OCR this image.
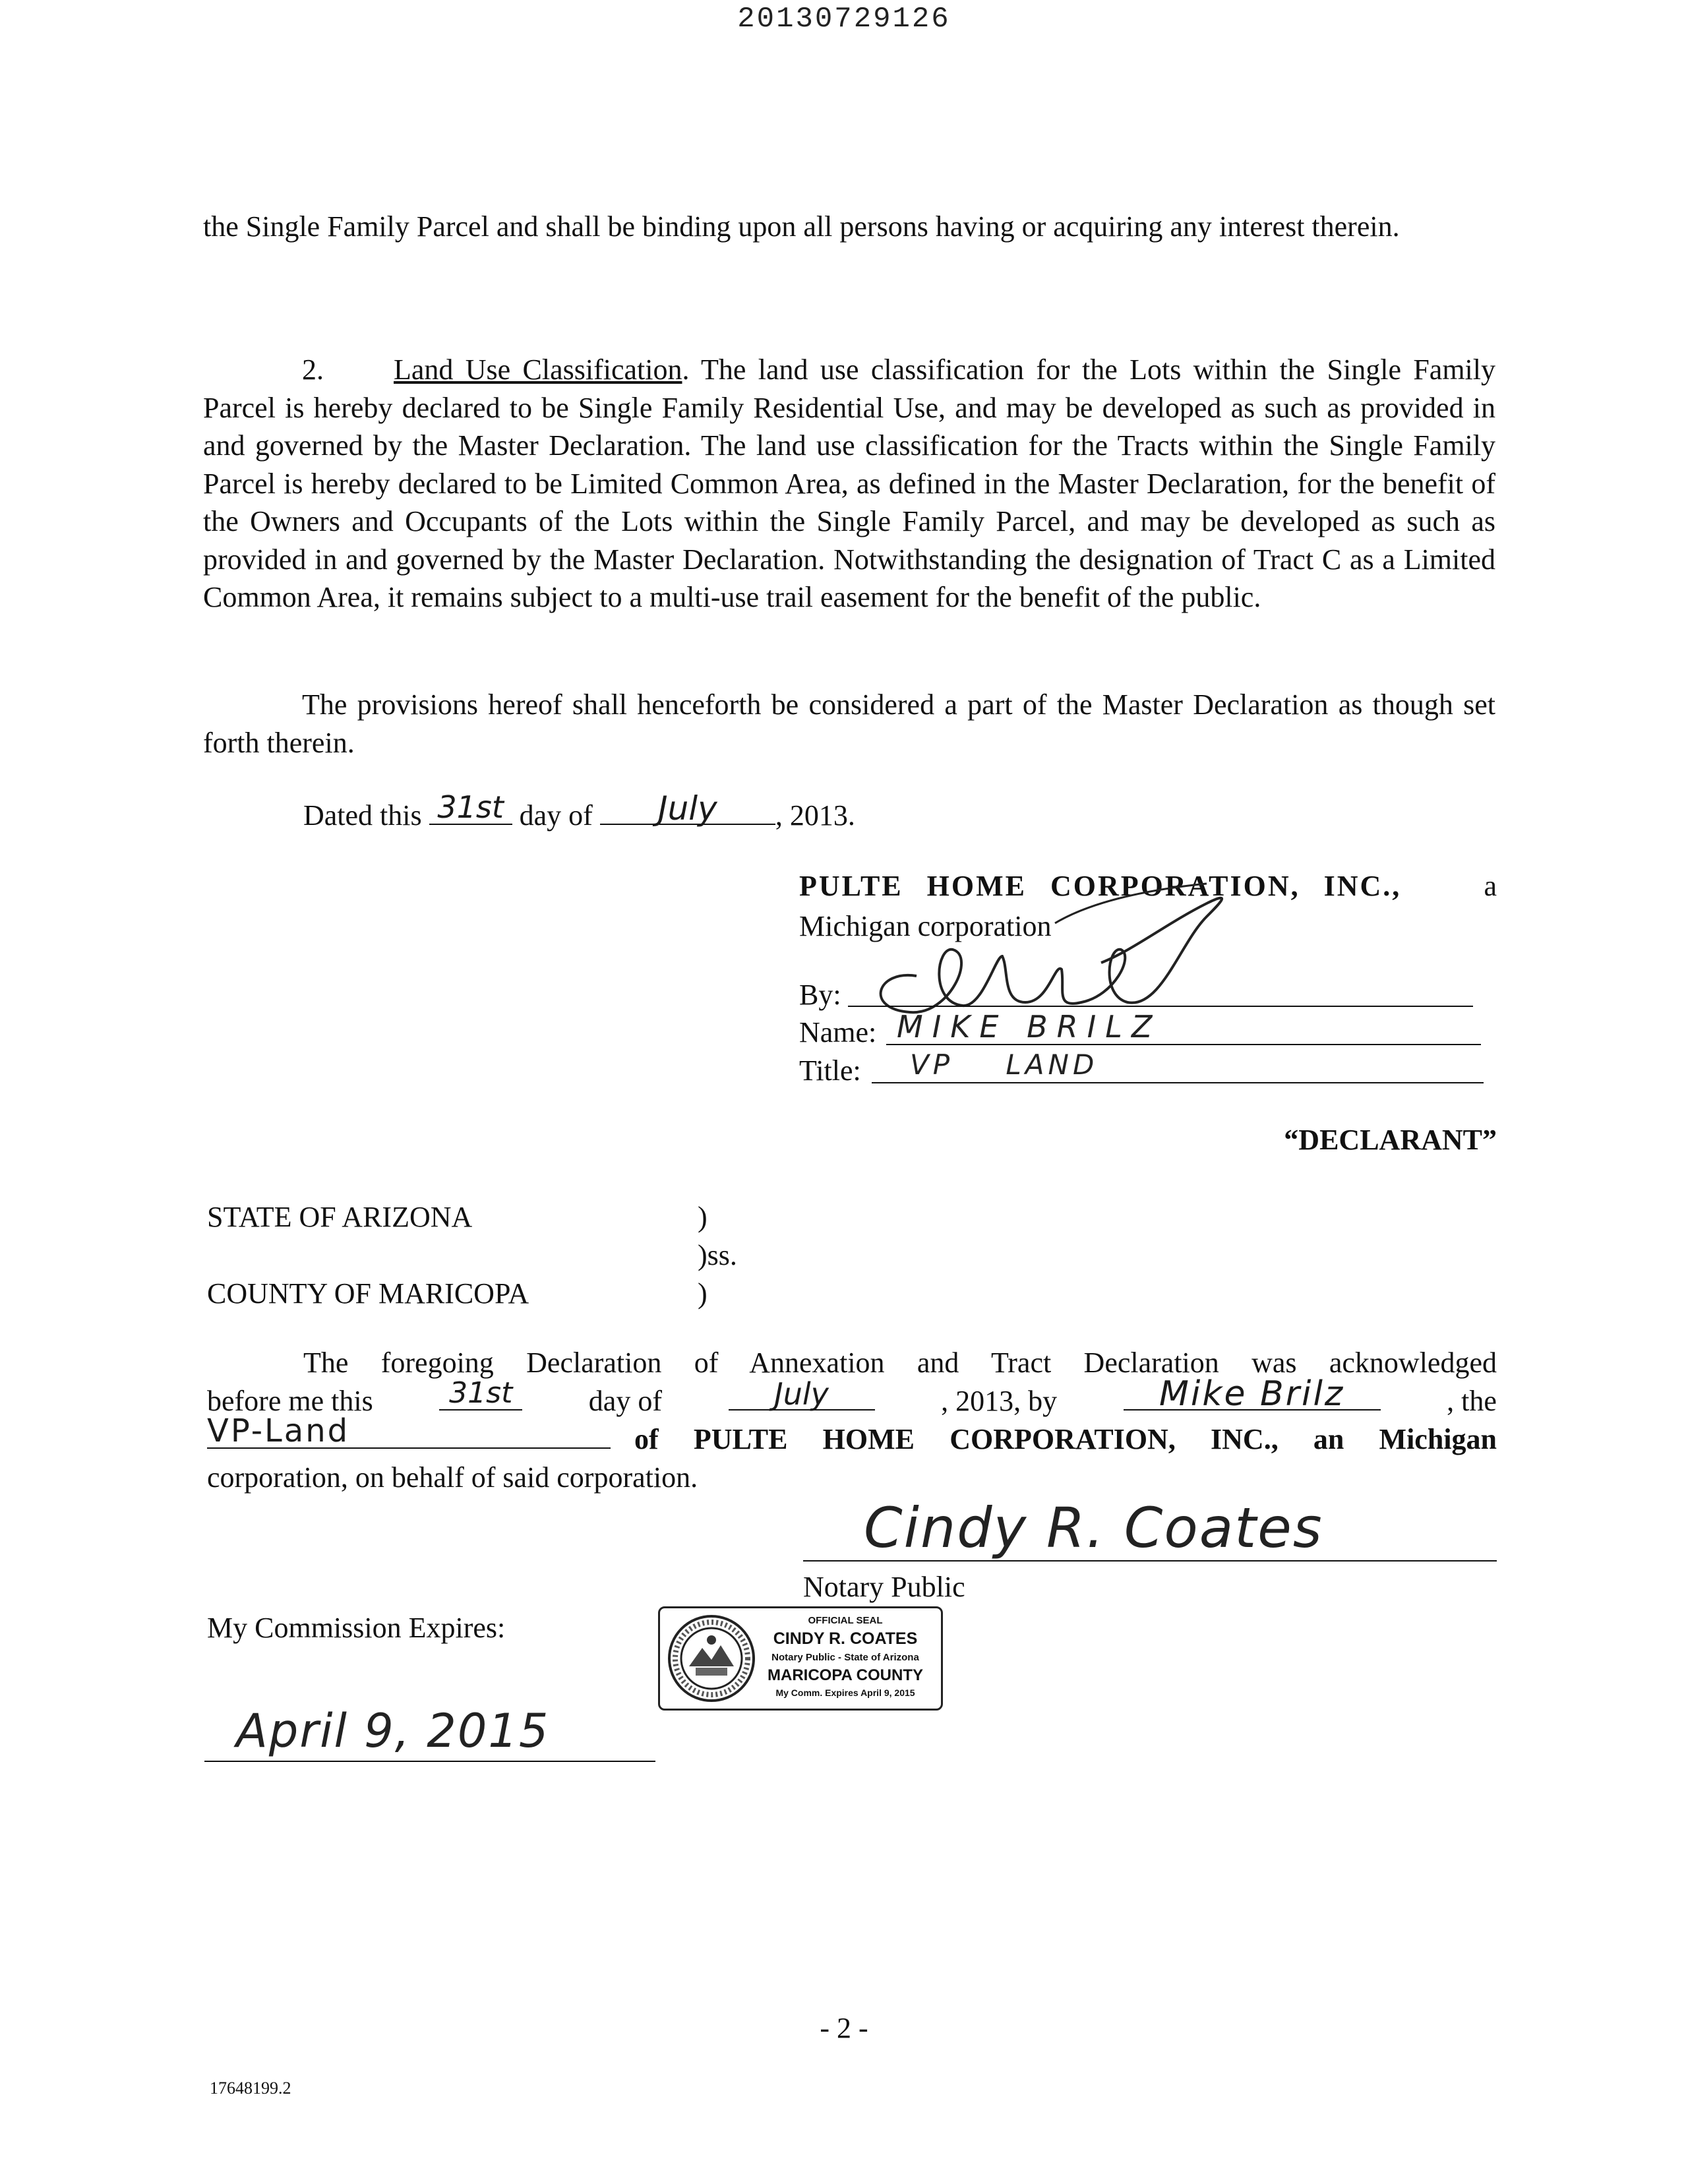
20130729126

the Single Family Parcel and shall be binding upon all persons having or acquiring any interest therein.

2. Land Use Classification. The land use classification for the Lots within the Single Family Parcel is hereby declared to be Single Family Residential Use, and may be developed as such as provided in and governed by the Master Declaration. The land use classification for the Tracts within the Single Family Parcel is hereby declared to be Limited Common Area, as defined in the Master Declaration, for the benefit of the Owners and Occupants of the Lots within the Single Family Parcel, and may be developed as such as provided in and governed by the Master Declaration. Notwithstanding the designation of Tract C as a Limited Common Area, it remains subject to a multi-use trail easement for the benefit of the public.

The provisions hereof shall henceforth be considered a part of the Master Declaration as though set forth therein.

Dated this 31st day of	July	, 2013.
PULTE HOME CORPORATION, INC.,	a
Michigan corporation
By:
Name: MIKE BRILZ
Title: VP LAND
“DECLARANT”
STATE OF ARIZONA	)
)ss.
COUNTY OF MARICOPA	)
The foregoing Declaration of Annexation and Tract Declaration was acknowledged
before me this	31st	day of	July	, 2013, by	Mike Brilz	, the
VP-Land	of PULTE HOME CORPORATION, INC., an Michigan
corporation, on behalf of said corporation.
Cindy R. Coates
Notary Public
My Commission Expires:	OFFICIAL SEAL
CINDY R. COATES
Notary Public - State of Arizona
MARICOPA COUNTY
My Comm. Expires April 9, 2015
April 9, 2015
- 2 -
17648199.2
